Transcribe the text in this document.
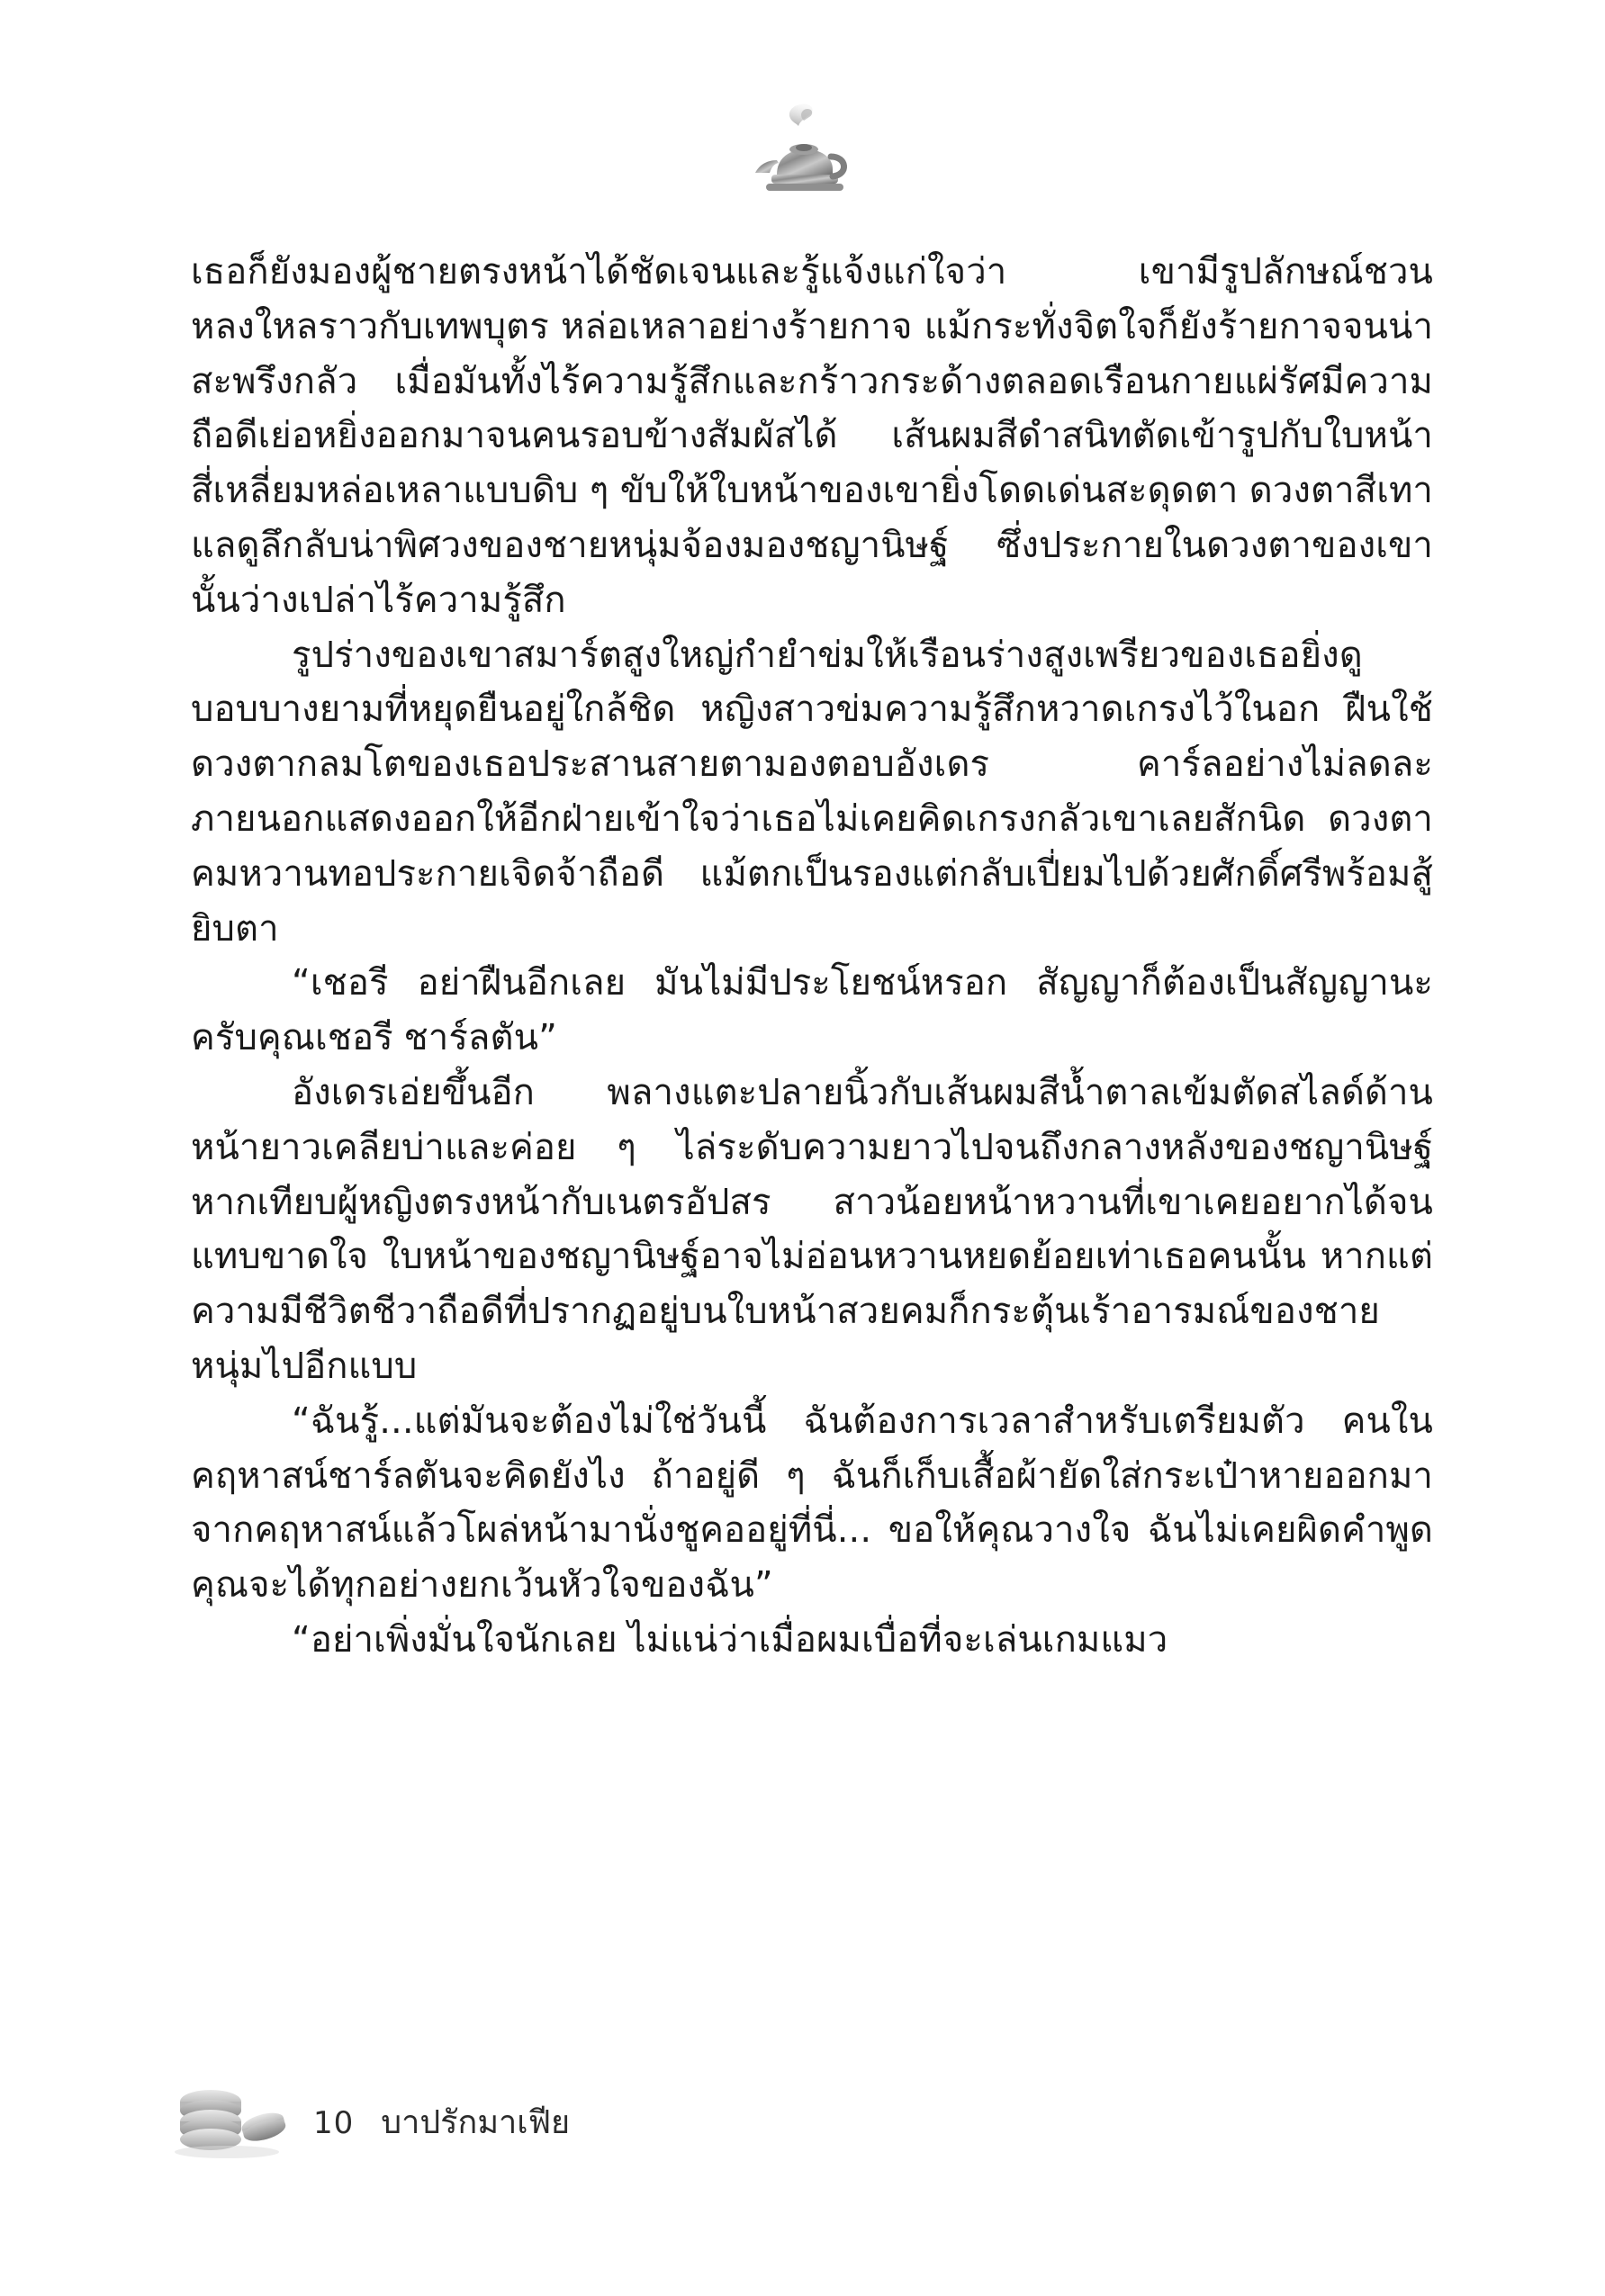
เธอก็ยังมองผู้ชายตรงหน้าได้ชัดเจนและรู้แจ้งแก่ใจว่า เขามีรูปลักษณ์ชวนหลงใหลราวกับเทพบุตร หล่อเหลาอย่างร้ายกาจ แม้กระทั่งจิตใจก็ยังร้ายกาจจนน่าสะพรึงกลัว เมื่อมันทั้งไร้ความรู้สึกและกร้าวกระด้างตลอดเรือนกายแผ่รัศมีความถือดีเย่อหยิ่งออกมาจนคนรอบข้างสัมผัสได้ เส้นผมสีดำสนิทตัดเข้ารูปกับใบหน้าสี่เหลี่ยมหล่อเหลาแบบดิบ ๆ ขับให้ใบหน้าของเขายิ่งโดดเด่นสะดุดตา ดวงตาสีเทาแลดูลึกลับน่าพิศวงของชายหนุ่มจ้องมองชญานิษฐ์ ซึ่งประกายในดวงตาของเขานั้นว่างเปล่าไร้ความรู้สึก

รูปร่างของเขาสมาร์ตสูงใหญ่กำยำข่มให้เรือนร่างสูงเพรียวของเธอยิ่งดูบอบบางยามที่หยุดยืนอยู่ใกล้ชิด หญิงสาวข่มความรู้สึกหวาดเกรงไว้ในอก ฝืนใช้ดวงตากลมโตของเธอประสานสายตามองตอบอังเดร คาร์ลอย่างไม่ลดละ ภายนอกแสดงออกให้อีกฝ่ายเข้าใจว่าเธอไม่เคยคิดเกรงกลัวเขาเลยสักนิด ดวงตาคมหวานทอประกายเจิดจ้าถือดี แม้ตกเป็นรองแต่กลับเปี่ยมไปด้วยศักดิ์ศรีพร้อมสู้ยิบตา

“เชอรี อย่าฝืนอีกเลย มันไม่มีประโยชน์หรอก สัญญาก็ต้องเป็นสัญญานะครับคุณเชอรี ชาร์ลตัน”

อังเดรเอ่ยขึ้นอีก พลางแตะปลายนิ้วกับเส้นผมสีน้ำตาลเข้มตัดสไลด์ด้านหน้ายาวเคลียบ่าและค่อย ๆ ไล่ระดับความยาวไปจนถึงกลางหลังของชญานิษฐ์ หากเทียบผู้หญิงตรงหน้ากับเนตรอัปสร สาวน้อยหน้าหวานที่เขาเคยอยากได้จนแทบขาดใจ ใบหน้าของชญานิษฐ์อาจไม่อ่อนหวานหยดย้อยเท่าเธอคนนั้น หากแต่ความมีชีวิตชีวาถือดีที่ปรากฏอยู่บนใบหน้าสวยคมก็กระตุ้นเร้าอารมณ์ของชายหนุ่มไปอีกแบบ

“ฉันรู้...แต่มันจะต้องไม่ใช่วันนี้ ฉันต้องการเวลาสำหรับเตรียมตัว คนในคฤหาสน์ชาร์ลตันจะคิดยังไง ถ้าอยู่ดี ๆ ฉันก็เก็บเสื้อผ้ายัดใส่กระเป๋าหายออกมาจากคฤหาสน์แล้วโผล่หน้ามานั่งชูคออยู่ที่นี่... ขอให้คุณวางใจ ฉันไม่เคยผิดคำพูด คุณจะได้ทุกอย่างยกเว้นหัวใจของฉัน”

“อย่าเพิ่งมั่นใจนักเลย ไม่แน่ว่าเมื่อผมเบื่อที่จะเล่นเกมแมว

10 บาปรักมาเฟีย
